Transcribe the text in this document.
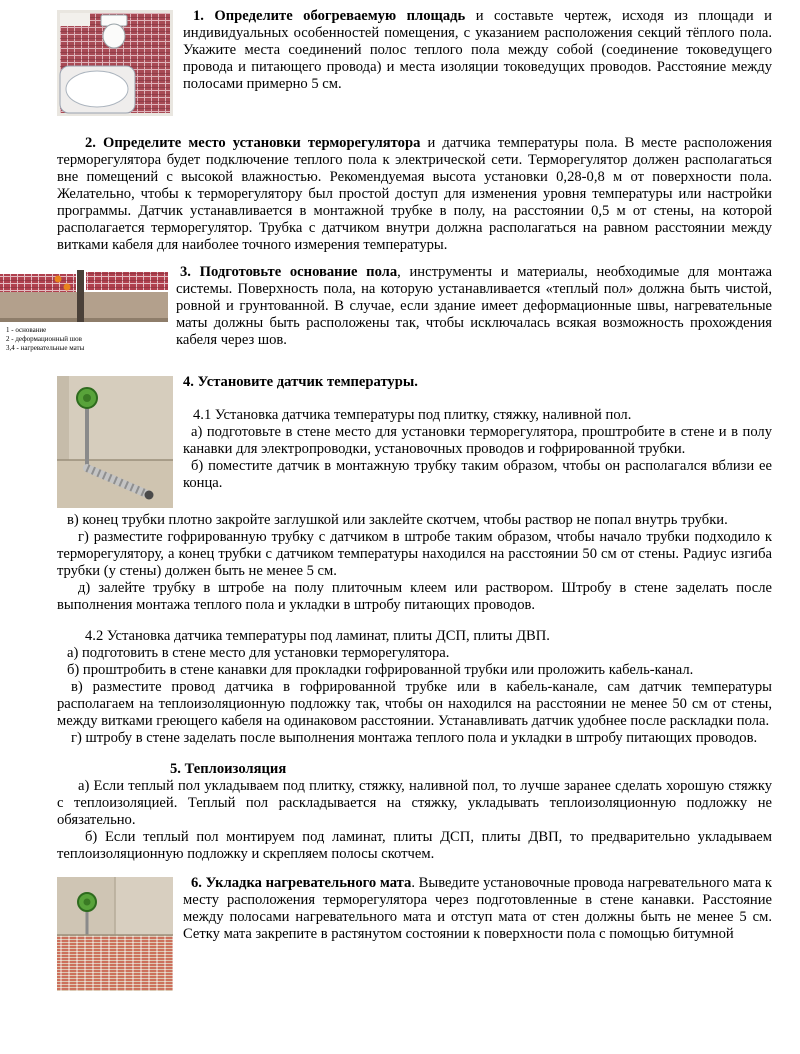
1. Определите обогреваемую площадь и составьте чертеж, исходя из площади и индивидуальных особенностей помещения, с указанием расположения секций тёплого пола. Укажите места соединений полос теплого пола между собой (соединение токоведущего провода и питающего провода) и места изоляции токоведущих проводов. Расстояние между полосами примерно 5 см.

2. Определите место установки терморегулятора и датчика температуры пола. В месте расположения терморегулятора будет подключение теплого пола к электрической сети. Терморегулятор должен располагаться вне помещений с высокой влажностью. Рекомендуемая высота установки 0,28-0,8 м от поверхности пола. Желательно, чтобы к терморегулятору был простой доступ для изменения уровня температуры или настройки программы. Датчик устанавливается в монтажной трубке в полу, на расстоянии 0,5 м от стены, на которой располагается терморегулятор. Трубка с датчиком внутри должна располагаться на равном расстоянии между витками кабеля для наиболее точного измерения температуры.

1 - основание
2 - деформационный шов
3,4 - нагревательные маты

3. Подготовьте основание пола, инструменты и материалы, необходимые для монтажа системы. Поверхность пола, на которую устанавливается «теплый пол» должна быть чистой, ровной и грунтованной. В случае, если здание имеет деформационные швы, нагревательные маты должны быть расположены так, чтобы исключалась всякая возможность прохождения кабеля через шов.

4. Установите датчик температуры.

4.1 Установка датчика температуры под плитку, стяжку, наливной пол.

а) подготовьте в стене место для установки терморегулятора, проштробите в стене и в полу канавки для электропроводки, установочных проводов и гофрированной трубки.

б) поместите датчик в монтажную трубку таким образом, чтобы он располагался вблизи ее конца.

в) конец трубки плотно закройте заглушкой или заклейте скотчем, чтобы раствор не попал внутрь трубки.

г) разместите гофрированную трубку с датчиком в штробе таким образом, чтобы начало трубки подходило к терморегулятору, а конец трубки с датчиком температуры находился на расстоянии 50 см от стены. Радиус изгиба трубки (у стены) должен быть не менее 5 см.

д) залейте трубку в штробе на полу плиточным клеем или раствором. Штробу в стене заделать после выполнения монтажа теплого пола и укладки в штробу питающих проводов.

4.2 Установка датчика температуры под ламинат, плиты ДСП, плиты ДВП.

а) подготовить в стене место для установки терморегулятора.

б) проштробить в стене канавки для прокладки гофрированной трубки или проложить кабель-канал.

в) разместите провод датчика в гофрированной трубке или в кабель-канале, сам датчик температуры располагаем на теплоизоляционную подложку так, чтобы он находился на расстоянии не менее 50 см от стены, между витками греющего кабеля на одинаковом расстоянии. Устанавливать датчик удобнее после раскладки пола.

г) штробу в стене заделать после выполнения монтажа теплого пола и укладки в штробу питающих проводов.

5. Теплоизоляция

а) Если теплый пол укладываем под плитку, стяжку, наливной пол, то лучше заранее сделать хорошую стяжку с теплоизоляцией. Теплый пол раскладывается на стяжку, укладывать теплоизоляционную подложку не обязательно.

б) Если теплый пол монтируем под ламинат, плиты ДСП, плиты ДВП, то предварительно укладываем теплоизоляционную подложку и скрепляем полосы скотчем.

6. Укладка нагревательного мата. Выведите установочные провода нагревательного мата к месту расположения терморегулятора через подготовленные в стене канавки. Расстояние между полосами нагревательного мата и отступ мата от стен должны быть не менее 5 см. Сетку мата закрепите в растянутом состоянии к поверхности пола с помощью битумной
